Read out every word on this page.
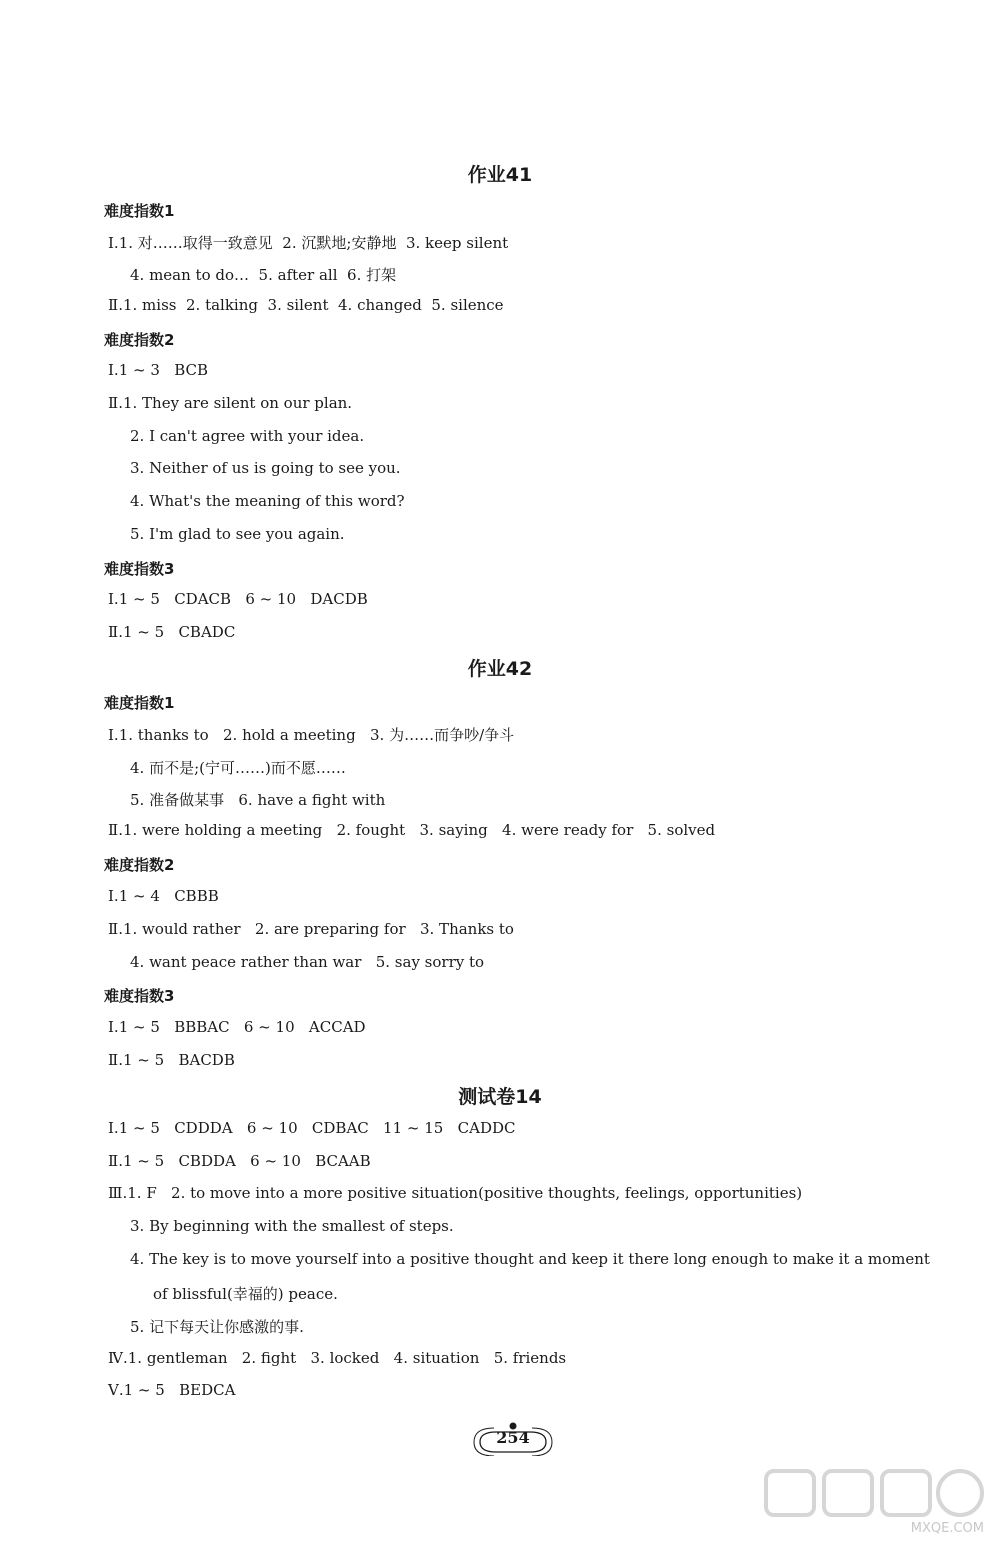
作业41
难度指数1
Ⅰ.1. 对……取得一致意见  2. 沉默地;安静地  3. keep silent
4. mean to do…  5. after all  6. 打架
Ⅱ.1. miss  2. talking  3. silent  4. changed  5. silence
难度指数2
Ⅰ.1 ~ 3   BCB
Ⅱ.1. They are silent on our plan.
2. I can't agree with your idea.
3. Neither of us is going to see you.
4. What's the meaning of this word?
5. I'm glad to see you again.
难度指数3
Ⅰ.1 ~ 5   CDACB   6 ~ 10   DACDB
Ⅱ.1 ~ 5   CBADC
作业42
难度指数1
Ⅰ.1. thanks to   2. hold a meeting   3. 为……而争吵/争斗
4. 而不是;(宁可……)而不愿……
5. 准备做某事   6. have a fight with
Ⅱ.1. were holding a meeting   2. fought   3. saying   4. were ready for   5. solved
难度指数2
Ⅰ.1 ~ 4   CBBB
Ⅱ.1. would rather   2. are preparing for   3. Thanks to
4. want peace rather than war   5. say sorry to
难度指数3
Ⅰ.1 ~ 5   BBBAC   6 ~ 10   ACCAD
Ⅱ.1 ~ 5   BACDB
测试卷14
Ⅰ.1 ~ 5   CDDDA   6 ~ 10   CDBAC   11 ~ 15   CADDC
Ⅱ.1 ~ 5   CBDDA   6 ~ 10   BCAAB
Ⅲ.1. F   2. to move into a more positive situation(positive thoughts, feelings, opportunities)
3. By beginning with the smallest of steps.
4. The key is to move yourself into a positive thought and keep it there long enough to make it a moment
of blissful(幸福的) peace.
5. 记下每天让你感激的事.
Ⅳ.1. gentleman   2. fight   3. locked   4. situation   5. friends
Ⅴ.1 ~ 5   BEDCA
254
MXQE.COM
